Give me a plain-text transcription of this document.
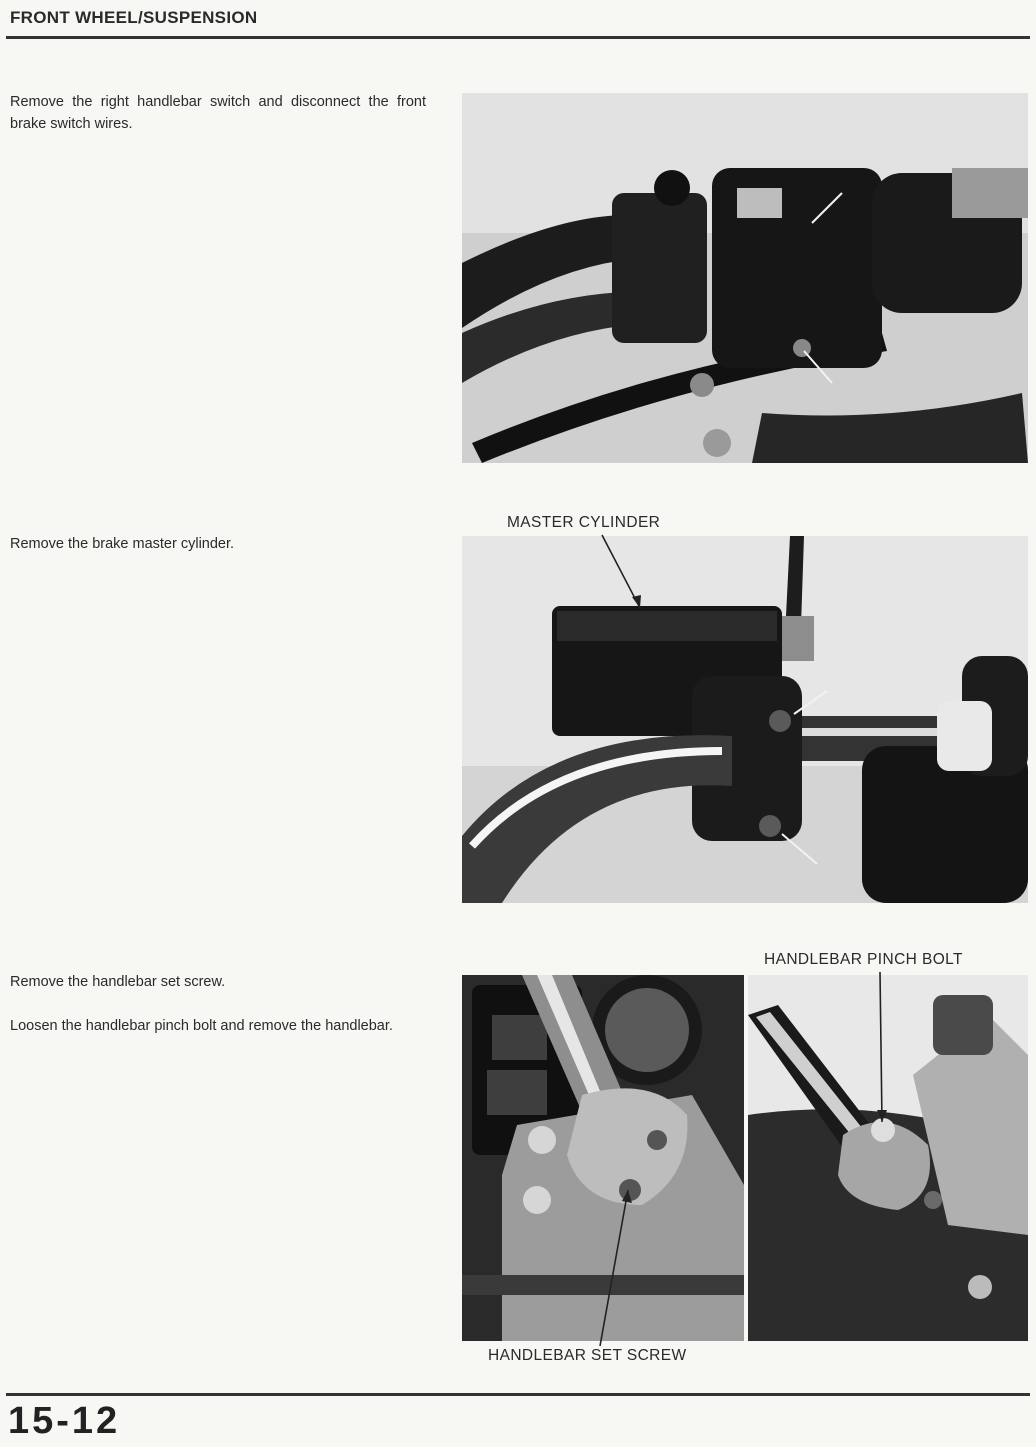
FRONT WHEEL/SUSPENSION
Remove the right handlebar switch and disconnect the front brake switch wires.
Remove the brake master cylinder.
MASTER CYLINDER
Remove the handlebar set screw.
Loosen the handlebar pinch bolt and remove the handlebar.
HANDLEBAR PINCH BOLT
HANDLEBAR SET SCREW
15-12
